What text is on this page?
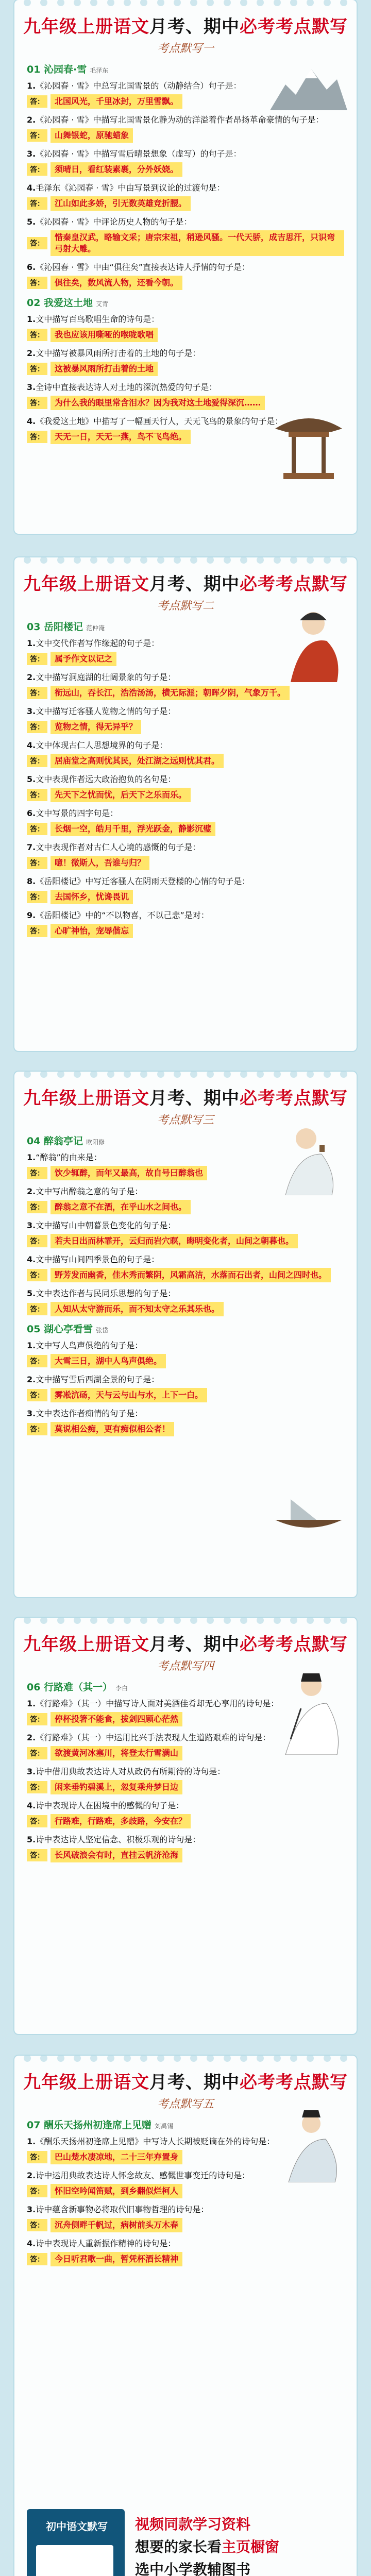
九年级上册语文月考、期中必考考点默写
考点默写一
01 沁园春·雪 毛泽东
1.《沁园春 · 雪》中总写北国雪景的（动静结合）句子是：
答：	北国风光，千里冰封，万里雪飘。
2.《沁园春 · 雪》中描写北国雪景化静为动的洋溢着作者昂扬革命豪情的句子是：
答：	山舞银蛇，原驰蜡象
3.《沁园春 · 雪》中描写雪后晴景想象（虚写）的句子是：
答：	须晴日，看红装素裹，分外妖娆。
4.毛泽东《沁园春 · 雪》中由写景到议论的过渡句是：
答：	江山如此多娇，引无数英雄竞折腰。
5.《沁园春 · 雪》中评论历史人物的句子是：
答：
惜秦皇汉武，略输文采；唐宗宋祖，稍逊风骚。一代天骄，成吉思汗，只识弯弓射大雕。
6.《沁园春 · 雪》中由“俱往矣”直接表达诗人抒情的句子是：
答：	俱往矣，数风流人物，还看今朝。
02 我爱这土地 艾青
1.文中描写百鸟歌唱生命的诗句是：
答：	我也应该用嘶哑的喉咙歌唱
2.文中描写被暴风雨所打击着的土地的句子是：
答：	这被暴风雨所打击着的土地
3.全诗中直接表达诗人对土地的深沉热爱的句子是：
答：	为什么我的眼里常含泪水？因为我对这土地爱得深沉……
4.《我爱这土地》中描写了一幅画天行人，天无飞鸟的景象的句子是：
答：	天无一日，天无一燕，鸟不飞鸟绝。
九年级上册语文月考、期中必考考点默写
考点默写二
03 岳阳楼记 范仲淹
1.文中交代作者写作缘起的句子是：
答：	属予作文以记之
2.文中描写洞庭湖的壮阔景象的句子是：
答：	衔远山，吞长江，浩浩汤汤，横无际涯；朝晖夕阴，气象万千。
3.文中描写迁客骚人览物之情的句子是：
答：	览物之情，得无异乎？
4.文中体现古仁人思想境界的句子是：
答：	居庙堂之高则忧其民，处江湖之远则忧其君。
5.文中表现作者远大政治抱负的名句是：
答：	先天下之忧而忧，后天下之乐而乐。
6.文中写景的四字句是：
答：	长烟一空，皓月千里，浮光跃金，静影沉璧
7.文中表现作者对古仁人心境的感慨的句子是：
答：	噫！微斯人，吾谁与归？
8.《岳阳楼记》中写迁客骚人在阴雨天登楼的心情的句子是：
答：	去国怀乡，忧谗畏讥
9.《岳阳楼记》中的“不以物喜，不以己悲”是对：
答：	心旷神怡，宠辱偕忘
九年级上册语文月考、期中必考考点默写
考点默写三
04 醉翁亭记 欧阳修
1.“醉翁”的由来是：
答：	饮少辄醉，而年又最高，故自号曰醉翁也
2.文中写出醉翁之意的句子是：
答：	醉翁之意不在酒，在乎山水之间也。
3.文中描写山中朝暮景色变化的句子是：
答：	若夫日出而林霏开，云归而岩穴暝，晦明变化者，山间之朝暮也。
4.文中描写山间四季景色的句子是：
答：	野芳发而幽香，佳木秀而繁阴，风霜高洁，水落而石出者，山间之四时也。
5.文中表达作者与民同乐思想的句子是：
答：	人知从太守游而乐，而不知太守之乐其乐也。
05 湖心亭看雪 张岱
1.文中写人鸟声俱绝的句子是：
答：	大雪三日，湖中人鸟声俱绝。
2.文中描写雪后西湖全景的句子是：
答：	雾凇沆砀，天与云与山与水，上下一白。
3.文中表达作者痴情的句子是：
答：	莫说相公痴，更有痴似相公者！
九年级上册语文月考、期中必考考点默写
考点默写四
06 行路难（其一） 李白
1.《行路难》（其一）中描写诗人面对美酒佳肴却无心享用的诗句是：
答：	停杯投箸不能食，拔剑四顾心茫然
2.《行路难》（其一）中运用比兴手法表现人生道路艰难的诗句是：
答：	欲渡黄河冰塞川，将登太行雪满山
3.诗中借用典故表达诗人对从政仍有所期待的诗句是：
答：	闲来垂钓碧溪上，忽复乘舟梦日边
4.诗中表现诗人在困境中的感慨的句子是：
答：	行路难，行路难，多歧路，今安在？
5.诗中表达诗人坚定信念、积极乐观的诗句是：
答：	长风破浪会有时，直挂云帆济沧海
九年级上册语文月考、期中必考考点默写
考点默写五
07 酬乐天扬州初逢席上见赠 刘禹锡
1.《酬乐天扬州初逢席上见赠》中写诗人长期被贬谪在外的诗句是：
答：	巴山楚水凄凉地，二十三年弃置身
2.诗中运用典故表达诗人怀念故友、感慨世事变迁的诗句是：
答：	怀旧空吟闻笛赋，到乡翻似烂柯人
3.诗中蕴含新事物必将取代旧事物哲理的诗句是：
答：	沉舟侧畔千帆过，病树前头万木春
4.诗中表现诗人重新振作精神的诗句是：
答：	今日听君歌一曲，暂凭杯酒长精神
初中语文默写	视频同款学习资料
想要的家长看主页橱窗
选中小学教辅图书
